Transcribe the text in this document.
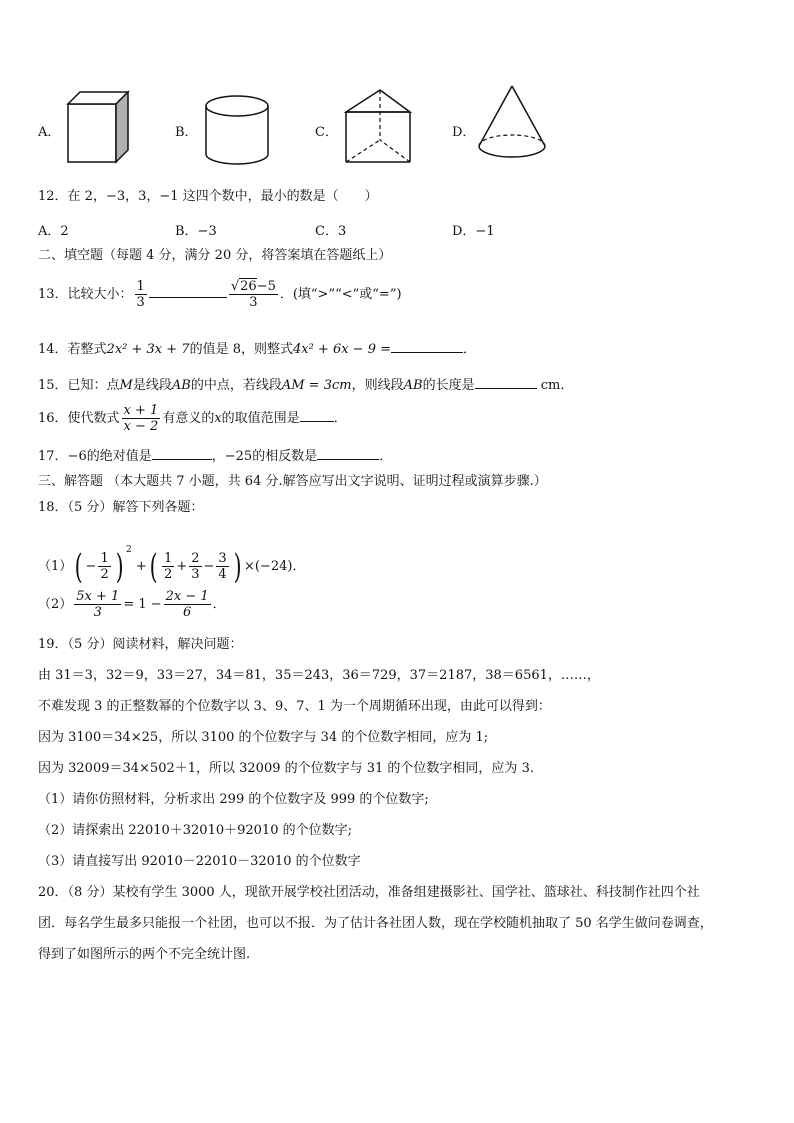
A．	B．	C．	D．
12．在 2，−3，3，−1 这四个数中，最小的数是（　　）
A．2	B．−3	C．3	D．−1
二、填空题（每题 4 分，满分 20 分，将答案填在答题纸上）
13．比较大小： $\frac{1}{3}$	$\frac{√26-5}{3}$ ．(填“>”“<”或“=”)
14．若整式2x² + 3x + 7的值是 8，则整式4x² + 6x − 9 =	．
15．已知：点M是线段AB的中点，若线段AM = 3cm，则线段AB的长度是	cm．
16．使代数式 $\frac{x + 1}{x - 2}$ 有意义的x的取值范围是	．
17．−6的绝对值是	，−25的相反数是	．
三、解答题 （本大题共 7 小题，共 64 分.解答应写出文字说明、证明过程或演算步骤.）
18．（5 分）解答下列各题：
$(1)( - \frac{1}{2}$ ) $^2$ +( $\frac{1}{2} + \frac{2}{3} - \frac{3}{4}$ ) ×(−24)．
$(2) \frac{5x + 1}{3} = 1 - \frac{2x - 1}{6}$ ．
19．（5 分）阅读材料，解决问题：
由 31＝3，32＝9，33＝27，34＝81，35＝243，36＝729，37＝2187，38＝6561，……，
不难发现 3 的正整数幂的个位数字以 3、9、7、1 为一个周期循环出现，由此可以得到：
因为 3100＝34×25，所以 3100 的个位数字与 34 的个位数字相同，应为 1;
因为 32009＝34×502＋1，所以 32009 的个位数字与 31 的个位数字相同，应为 3.
（1）请你仿照材料，分析求出 299 的个位数字及 999 的个位数字;
（2）请探索出 22010＋32010＋92010 的个位数字;
（3）请直接写出 92010－22010－32010 的个位数字
20．（8 分）某校有学生 3000 人，现欲开展学校社团活动，准备组建摄影社、国学社、篮球社、科技制作社四个社
团．每名学生最多只能报一个社团，也可以不报．为了估计各社团人数，现在学校随机抽取了 50 名学生做问卷调查，
得到了如图所示的两个不完全统计图.
